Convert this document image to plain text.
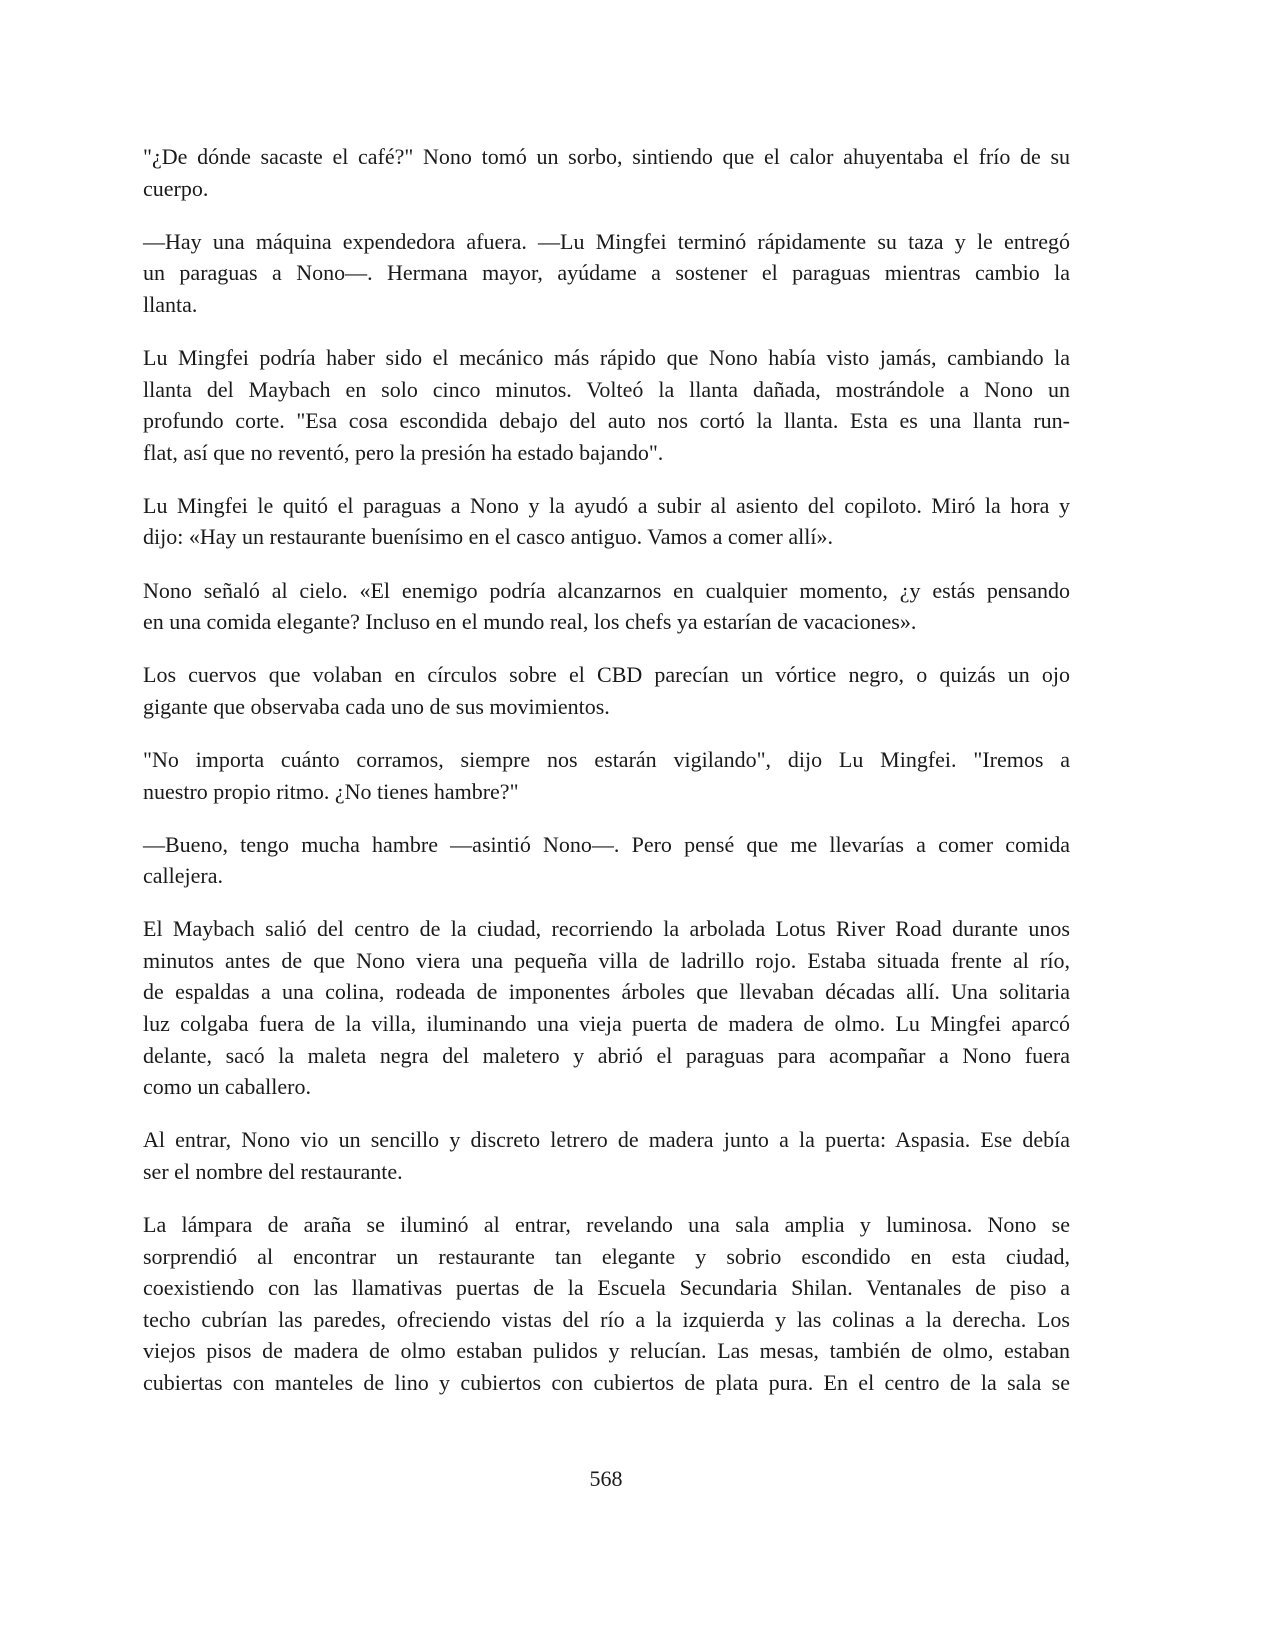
"¿De dónde sacaste el café?" Nono tomó un sorbo, sintiendo que el calor ahuyentaba el frío de su
cuerpo.
—Hay una máquina expendedora afuera. —Lu Mingfei terminó rápidamente su taza y le entregó
un paraguas a Nono—. Hermana mayor, ayúdame a sostener el paraguas mientras cambio la
llanta.
Lu Mingfei podría haber sido el mecánico más rápido que Nono había visto jamás, cambiando la
llanta del Maybach en solo cinco minutos. Volteó la llanta dañada, mostrándole a Nono un
profundo corte. "Esa cosa escondida debajo del auto nos cortó la llanta. Esta es una llanta run-
flat, así que no reventó, pero la presión ha estado bajando".
Lu Mingfei le quitó el paraguas a Nono y la ayudó a subir al asiento del copiloto. Miró la hora y
dijo: «Hay un restaurante buenísimo en el casco antiguo. Vamos a comer allí».
Nono señaló al cielo. «El enemigo podría alcanzarnos en cualquier momento, ¿y estás pensando
en una comida elegante? Incluso en el mundo real, los chefs ya estarían de vacaciones».
Los cuervos que volaban en círculos sobre el CBD parecían un vórtice negro, o quizás un ojo
gigante que observaba cada uno de sus movimientos.
"No importa cuánto corramos, siempre nos estarán vigilando", dijo Lu Mingfei. "Iremos a
nuestro propio ritmo. ¿No tienes hambre?"
—Bueno, tengo mucha hambre —asintió Nono—. Pero pensé que me llevarías a comer comida
callejera.
El Maybach salió del centro de la ciudad, recorriendo la arbolada Lotus River Road durante unos
minutos antes de que Nono viera una pequeña villa de ladrillo rojo. Estaba situada frente al río,
de espaldas a una colina, rodeada de imponentes árboles que llevaban décadas allí. Una solitaria
luz colgaba fuera de la villa, iluminando una vieja puerta de madera de olmo. Lu Mingfei aparcó
delante, sacó la maleta negra del maletero y abrió el paraguas para acompañar a Nono fuera
como un caballero.
Al entrar, Nono vio un sencillo y discreto letrero de madera junto a la puerta: Aspasia. Ese debía
ser el nombre del restaurante.
La lámpara de araña se iluminó al entrar, revelando una sala amplia y luminosa. Nono se
sorprendió al encontrar un restaurante tan elegante y sobrio escondido en esta ciudad,
coexistiendo con las llamativas puertas de la Escuela Secundaria Shilan. Ventanales de piso a
techo cubrían las paredes, ofreciendo vistas del río a la izquierda y las colinas a la derecha. Los
viejos pisos de madera de olmo estaban pulidos y relucían. Las mesas, también de olmo, estaban
cubiertas con manteles de lino y cubiertos con cubiertos de plata pura. En el centro de la sala se
568
